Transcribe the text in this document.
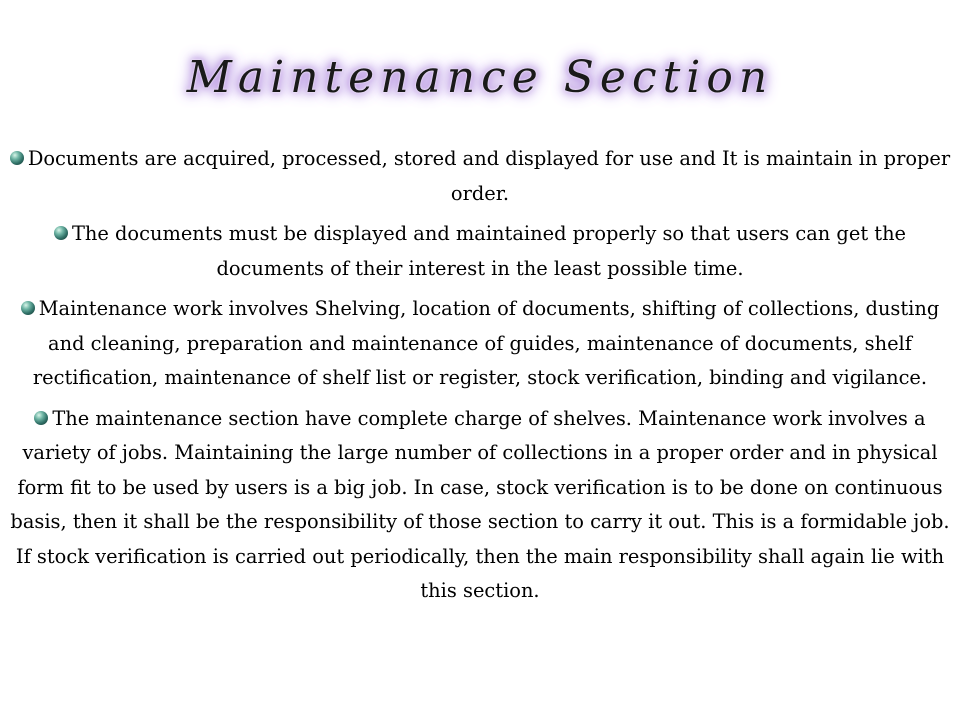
Maintenance Section

Documents are acquired, processed, stored and displayed for use and It is maintain in proper order.

The documents must be displayed and maintained properly so that users can get the documents of their interest in the least possible time.

Maintenance work involves Shelving, location of documents, shifting of collections, dusting and cleaning, preparation and maintenance of guides, maintenance of documents, shelf rectification, maintenance of shelf list or register, stock verification, binding and vigilance.

The maintenance section have complete charge of shelves. Maintenance work involves a variety of jobs. Maintaining the large number of collections in a proper order and in physical form fit to be used by users is a big job. In case, stock verification is to be done on continuous basis, then it shall be the responsibility of those section to carry it out. This is a formidable job. If stock verification is carried out periodically, then the main responsibility shall again lie with this section.
